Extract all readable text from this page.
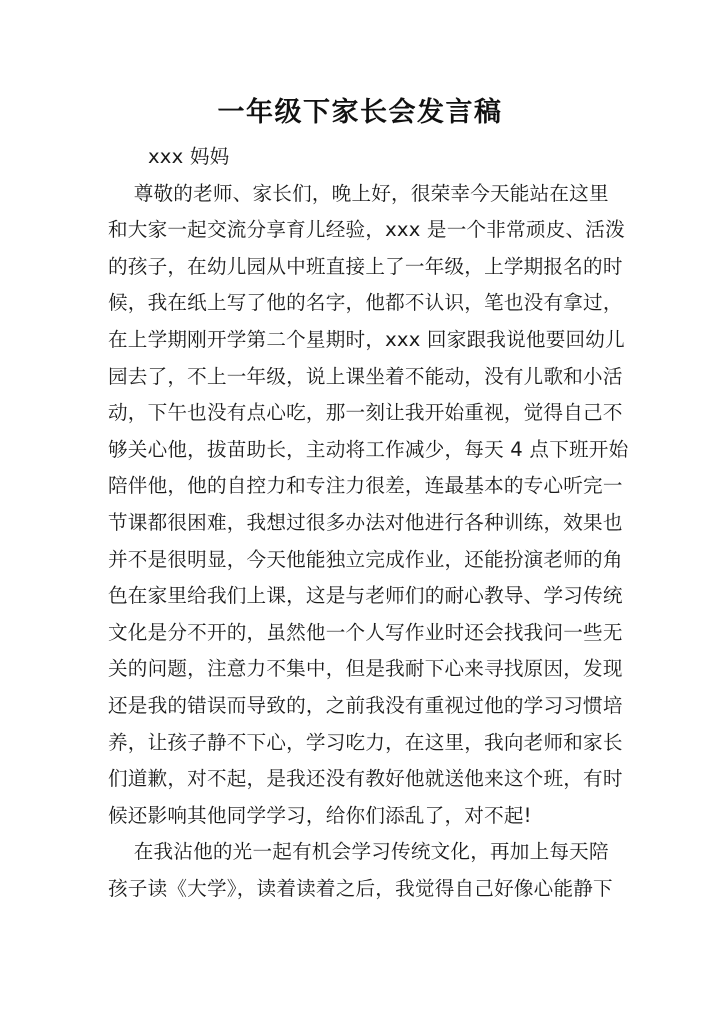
一年级下家长会发言稿
xxx 妈妈
尊敬的老师、家长们，晚上好，很荣幸今天能站在这里
和大家一起交流分享育儿经验，xxx 是一个非常顽皮、活泼
的孩子，在幼儿园从中班直接上了一年级，上学期报名的时
候，我在纸上写了他的名字，他都不认识，笔也没有拿过，
在上学期刚开学第二个星期时，xxx 回家跟我说他要回幼儿
园去了，不上一年级，说上课坐着不能动，没有儿歌和小活
动，下午也没有点心吃，那一刻让我开始重视，觉得自己不
够关心他，拔苗助长，主动将工作减少，每天 4 点下班开始
陪伴他，他的自控力和专注力很差，连最基本的专心听完一
节课都很困难，我想过很多办法对他进行各种训练，效果也
并不是很明显，今天他能独立完成作业，还能扮演老师的角
色在家里给我们上课，这是与老师们的耐心教导、学习传统
文化是分不开的，虽然他一个人写作业时还会找我问一些无
关的问题，注意力不集中，但是我耐下心来寻找原因，发现
还是我的错误而导致的，之前我没有重视过他的学习习惯培
养，让孩子静不下心，学习吃力，在这里，我向老师和家长
们道歉，对不起，是我还没有教好他就送他来这个班，有时
候还影响其他同学学习，给你们添乱了，对不起!
在我沾他的光一起有机会学习传统文化，再加上每天陪
孩子读《大学》，读着读着之后，我觉得自己好像心能静下
